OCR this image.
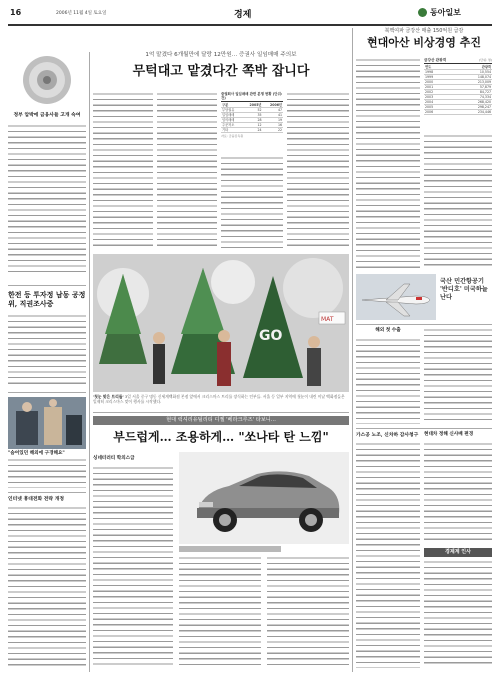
16	2006년 11월 4일 토요일	경제	동아일보
정부 압박에 금융사들 고개 숙여
한전 등 투자정 남동 공정위, 직권조사중
"숨어있던 해외에 구경해요"
인터넷 휴대전화 전략 개정
1억 맡겼다 6개월만에 달랑 12만원… 증권사 일임매매 주의보
무턱대고 맡겼다간 쪽박 잡니다
증권회사 일임매매 관련 분쟁 현황 (단위:건)
구분	2005년	2006년
부당권유	52	47
일임매매	35	41
임의매매	28	19
주문착오	12	16
기타	24	22
자료: 금융감독원
GO
MAT
'첫눈 맞은 트리들' 3일 서울 중구 명동 신세계백화점 본점 앞에서 크리스마스 트리를 장식하는 인부들. 서울 등 일부 지역에 첫눈이 내린 이날 백화점들은 일제히 크리스마스 맞이 행사를 시작했다.
현대 럭셔리유틸리티 디젤 '베라크루즈' 타보니…
부드럽게… 조용하게… "쏘나타 탄 느낌"
싱네터러티 학의스급
북핵여파 금강산 매출 150억원 급감
현대아산 비상경영 추진
금강산 관광객	(단위: 명)
연도	관광객
1998	10,554
1999	148,074
2000	213,009
2001	57,879
2002	84,727
2003	74,334
2004	268,420
2005	298,247
2006	234,446
국산 민간항공기 '반디호' 미국하늘 난다
해외 첫 수출
가스공 노조, 신차하 감사청구	현대차 정해 신사배 편경
경제계 인사
